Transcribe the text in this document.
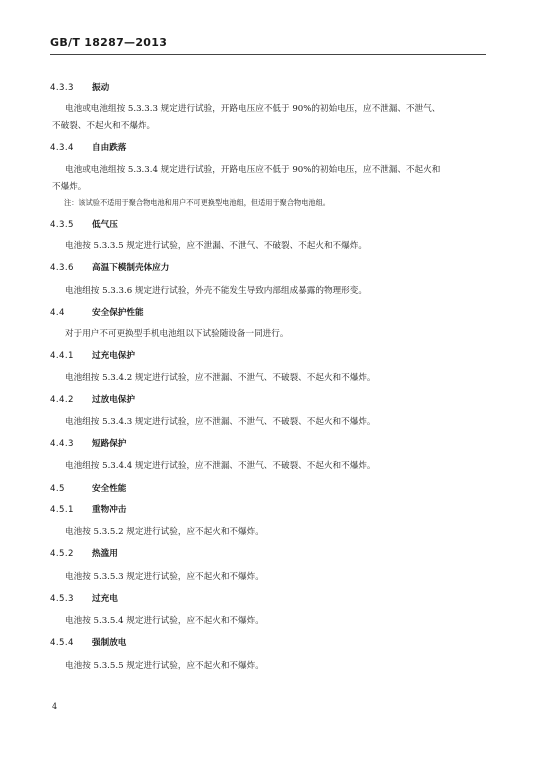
GB/T 18287—2013
4.3.3 振动
电池或电池组按 5.3.3.3 规定进行试验，开路电压应不低于 90%的初始电压，应不泄漏、不泄气、
不破裂、不起火和不爆炸。
4.3.4 自由跌落
电池或电池组按 5.3.3.4 规定进行试验，开路电压应不低于 90%的初始电压，应不泄漏、不起火和
不爆炸。
注：该试验不适用于聚合物电池和用户不可更换型电池组，但适用于聚合物电池组。
4.3.5 低气压
电池按 5.3.3.5 规定进行试验，应不泄漏、不泄气、不破裂、不起火和不爆炸。
4.3.6 高温下模制壳体应力
电池组按 5.3.3.6 规定进行试验，外壳不能发生导致内部组成暴露的物理形变。
4.4	安全保护性能
对于用户不可更换型手机电池组以下试验随设备一同进行。
4.4.1 过充电保护
电池组按 5.3.4.2 规定进行试验，应不泄漏、不泄气、不破裂、不起火和不爆炸。
4.4.2 过放电保护
电池组按 5.3.4.3 规定进行试验，应不泄漏、不泄气、不破裂、不起火和不爆炸。
4.4.3 短路保护
电池组按 5.3.4.4 规定进行试验，应不泄漏、不泄气、不破裂、不起火和不爆炸。
4.5	安全性能
4.5.1 重物冲击
电池按 5.3.5.2 规定进行试验，应不起火和不爆炸。
4.5.2 热滥用
电池按 5.3.5.3 规定进行试验，应不起火和不爆炸。
4.5.3 过充电
电池按 5.3.5.4 规定进行试验，应不起火和不爆炸。
4.5.4 强制放电
电池按 5.3.5.5 规定进行试验，应不起火和不爆炸。
4
